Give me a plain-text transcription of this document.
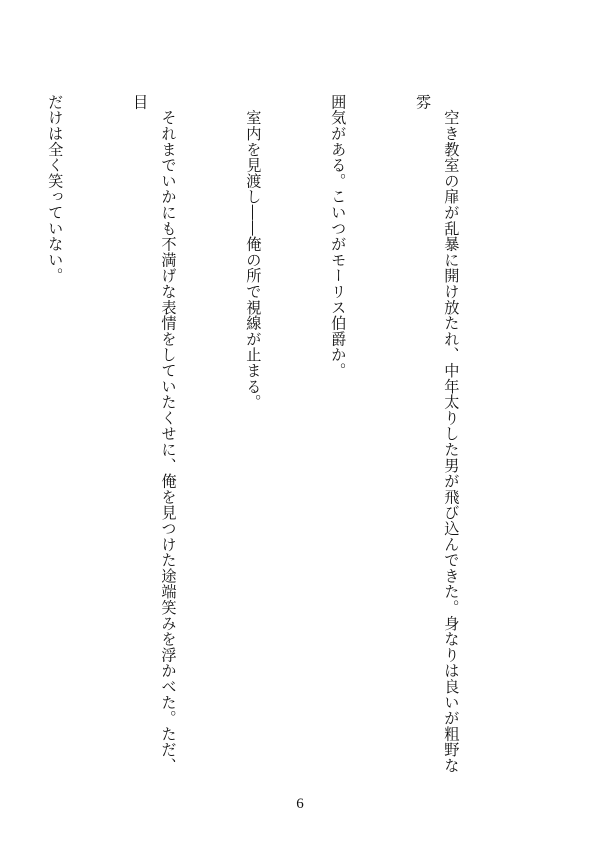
　空き教室の扉が乱暴に開け放たれ、中年太りした男が飛び込んできた。身なりは良いが粗野な雰

囲気がある。こいつがモーリス伯爵か。

　室内を見渡し――俺の所で視線が止まる。

　それまでいかにも不満げな表情をしていたくせに、俺を見つけた途端笑みを浮かべた。ただ、目

だけは全く笑っていない。

6
